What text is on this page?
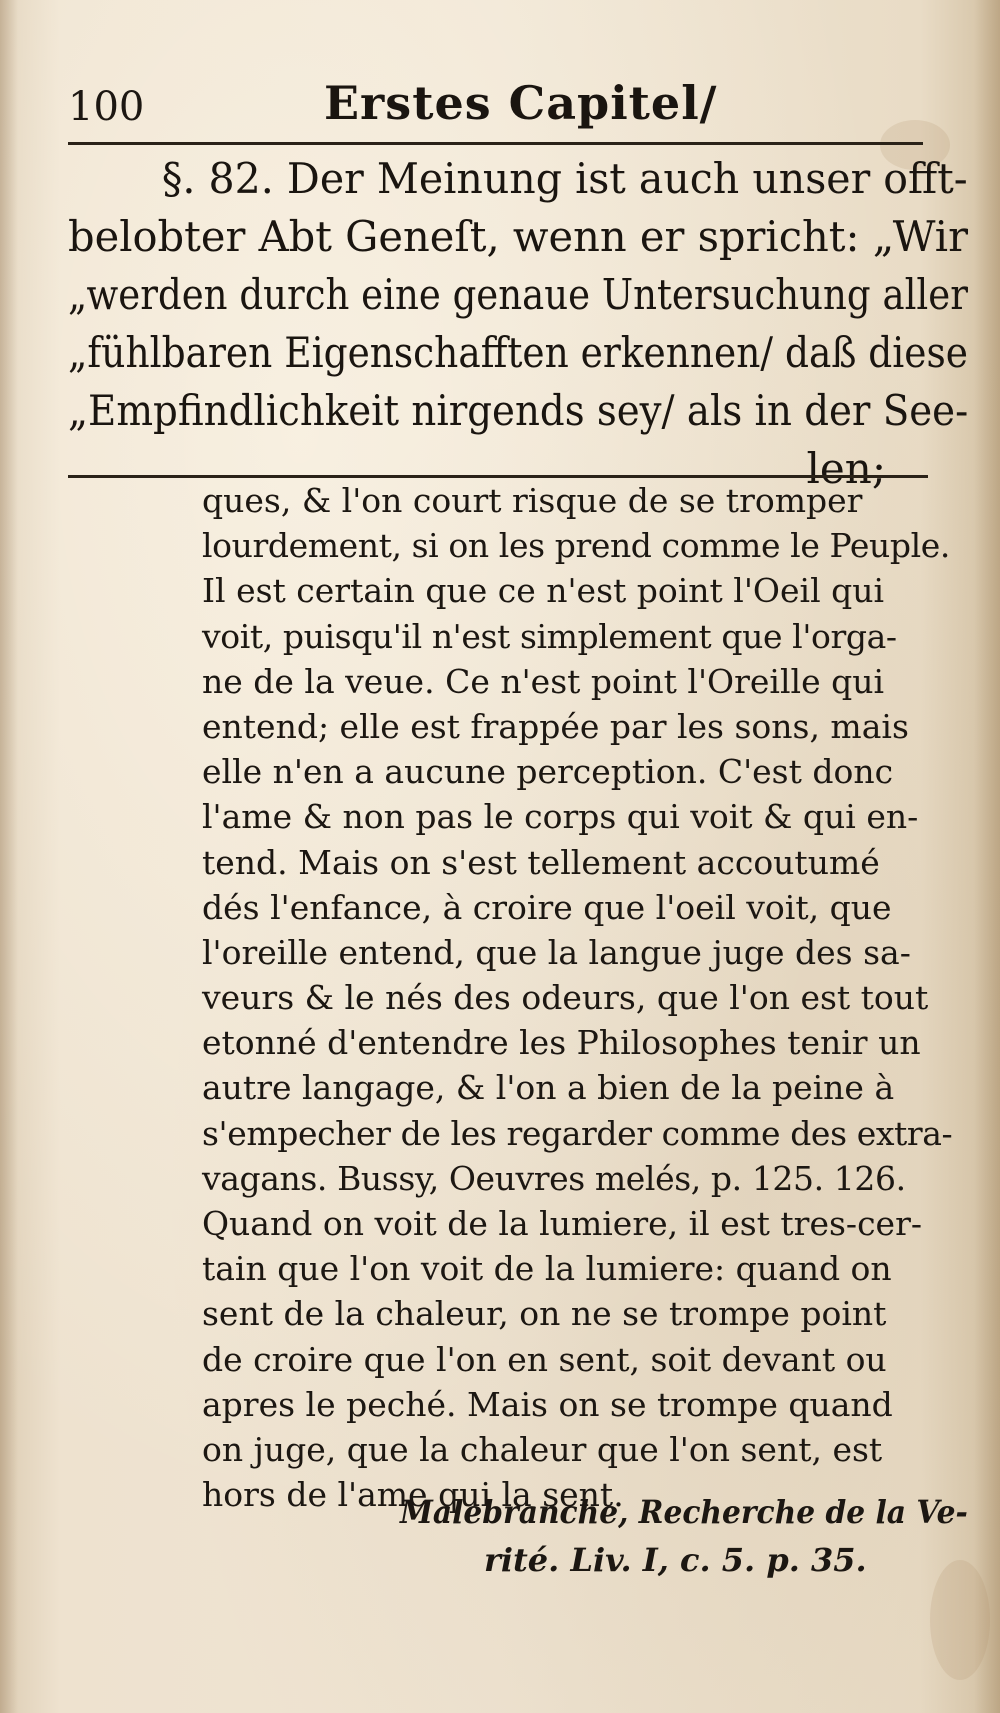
100	Erstes Capitel/
§. 82. Der Meinung ist auch unser offt- belobter Abt Geneſt, wenn er spricht: „Wir „werden durch eine genaue Untersuchung aller „fühlbaren Eigenschafften erkennen/ daß diese „Empfindlichkeit nirgends sey/ als in der See-
len;
ques, & l'on court risque de se tromper
lourdement, si on les prend comme le Peuple.
Il est certain que ce n'est point l'Oeil qui
voit, puisqu'il n'est simplement que l'orga-
ne de la veue. Ce n'est point l'Oreille qui
entend; elle est frappée par les sons, mais
elle n'en a aucune perception. C'est donc
l'ame & non pas le corps qui voit & qui en-
tend. Mais on s'est tellement accoutumé
dés l'enfance, à croire que l'oeil voit, que
l'oreille entend, que la langue juge des sa-
veurs & le nés des odeurs, que l'on est tout
etonné d'entendre les Philosophes tenir un
autre langage, & l'on a bien de la peine à
s'empecher de les regarder comme des extra-
vagans. Bussy, Oeuvres melés, p. 125. 126.
Quand on voit de la lumiere, il est tres-cer-
tain que l'on voit de la lumiere: quand on
sent de la chaleur, on ne se trompe point
de croire que l'on en sent, soit devant ou
apres le peché. Mais on se trompe quand
on juge, que la chaleur que l'on sent, est
hors de l'ame qui la sent.
Malebranche, Recherche de la Ve-
rité. Liv. I, c. 5. p. 35.
